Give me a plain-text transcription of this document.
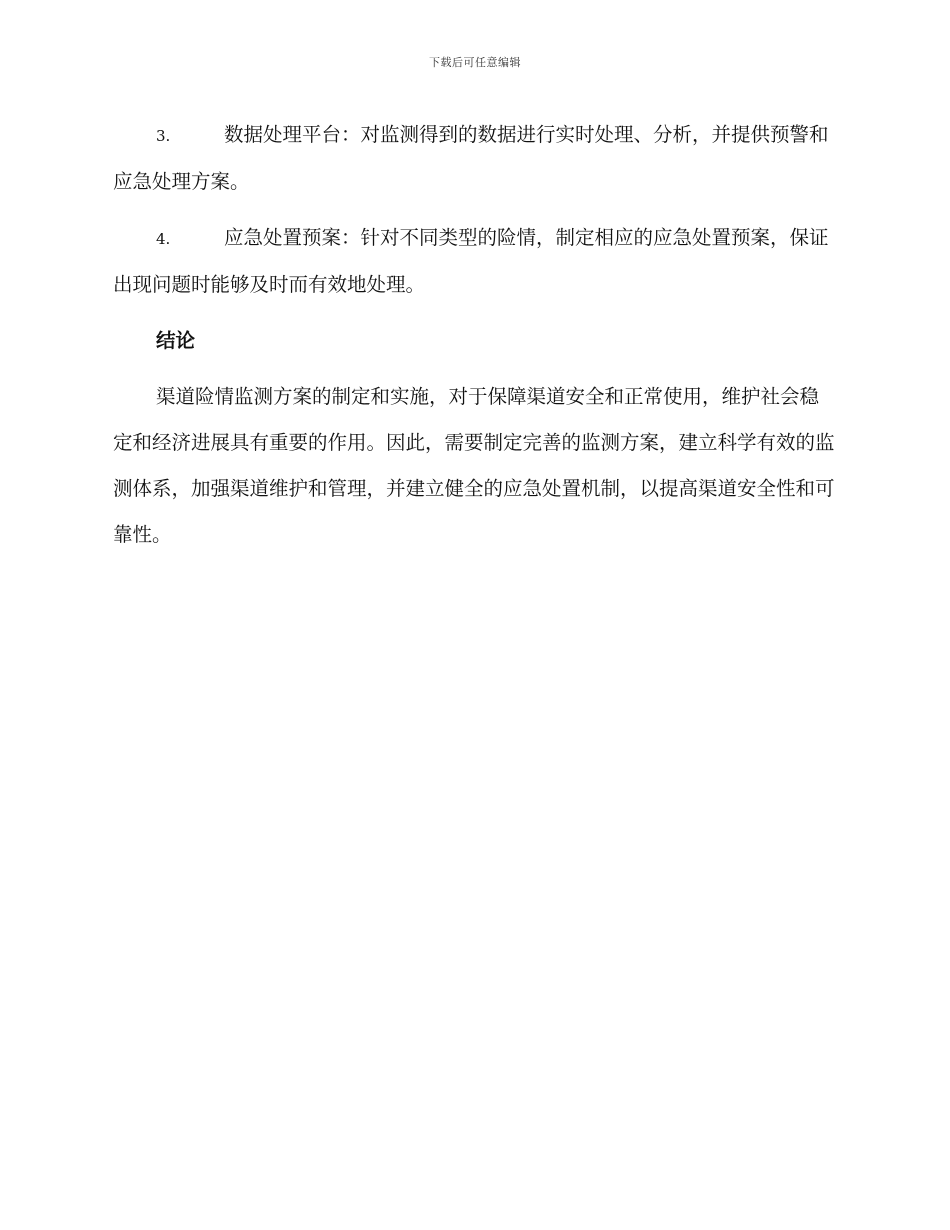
下载后可任意编辑

3.	数据处理平台：对监测得到的数据进行实时处理、分析，并提供预警和应急处理方案。

4.	应急处置预案：针对不同类型的险情，制定相应的应急处置预案，保证出现问题时能够及时而有效地处理。

结论

渠道险情监测方案的制定和实施，对于保障渠道安全和正常使用，维护社会稳定和经济进展具有重要的作用。因此，需要制定完善的监测方案，建立科学有效的监测体系，加强渠道维护和管理，并建立健全的应急处置机制，以提高渠道安全性和可靠性。
